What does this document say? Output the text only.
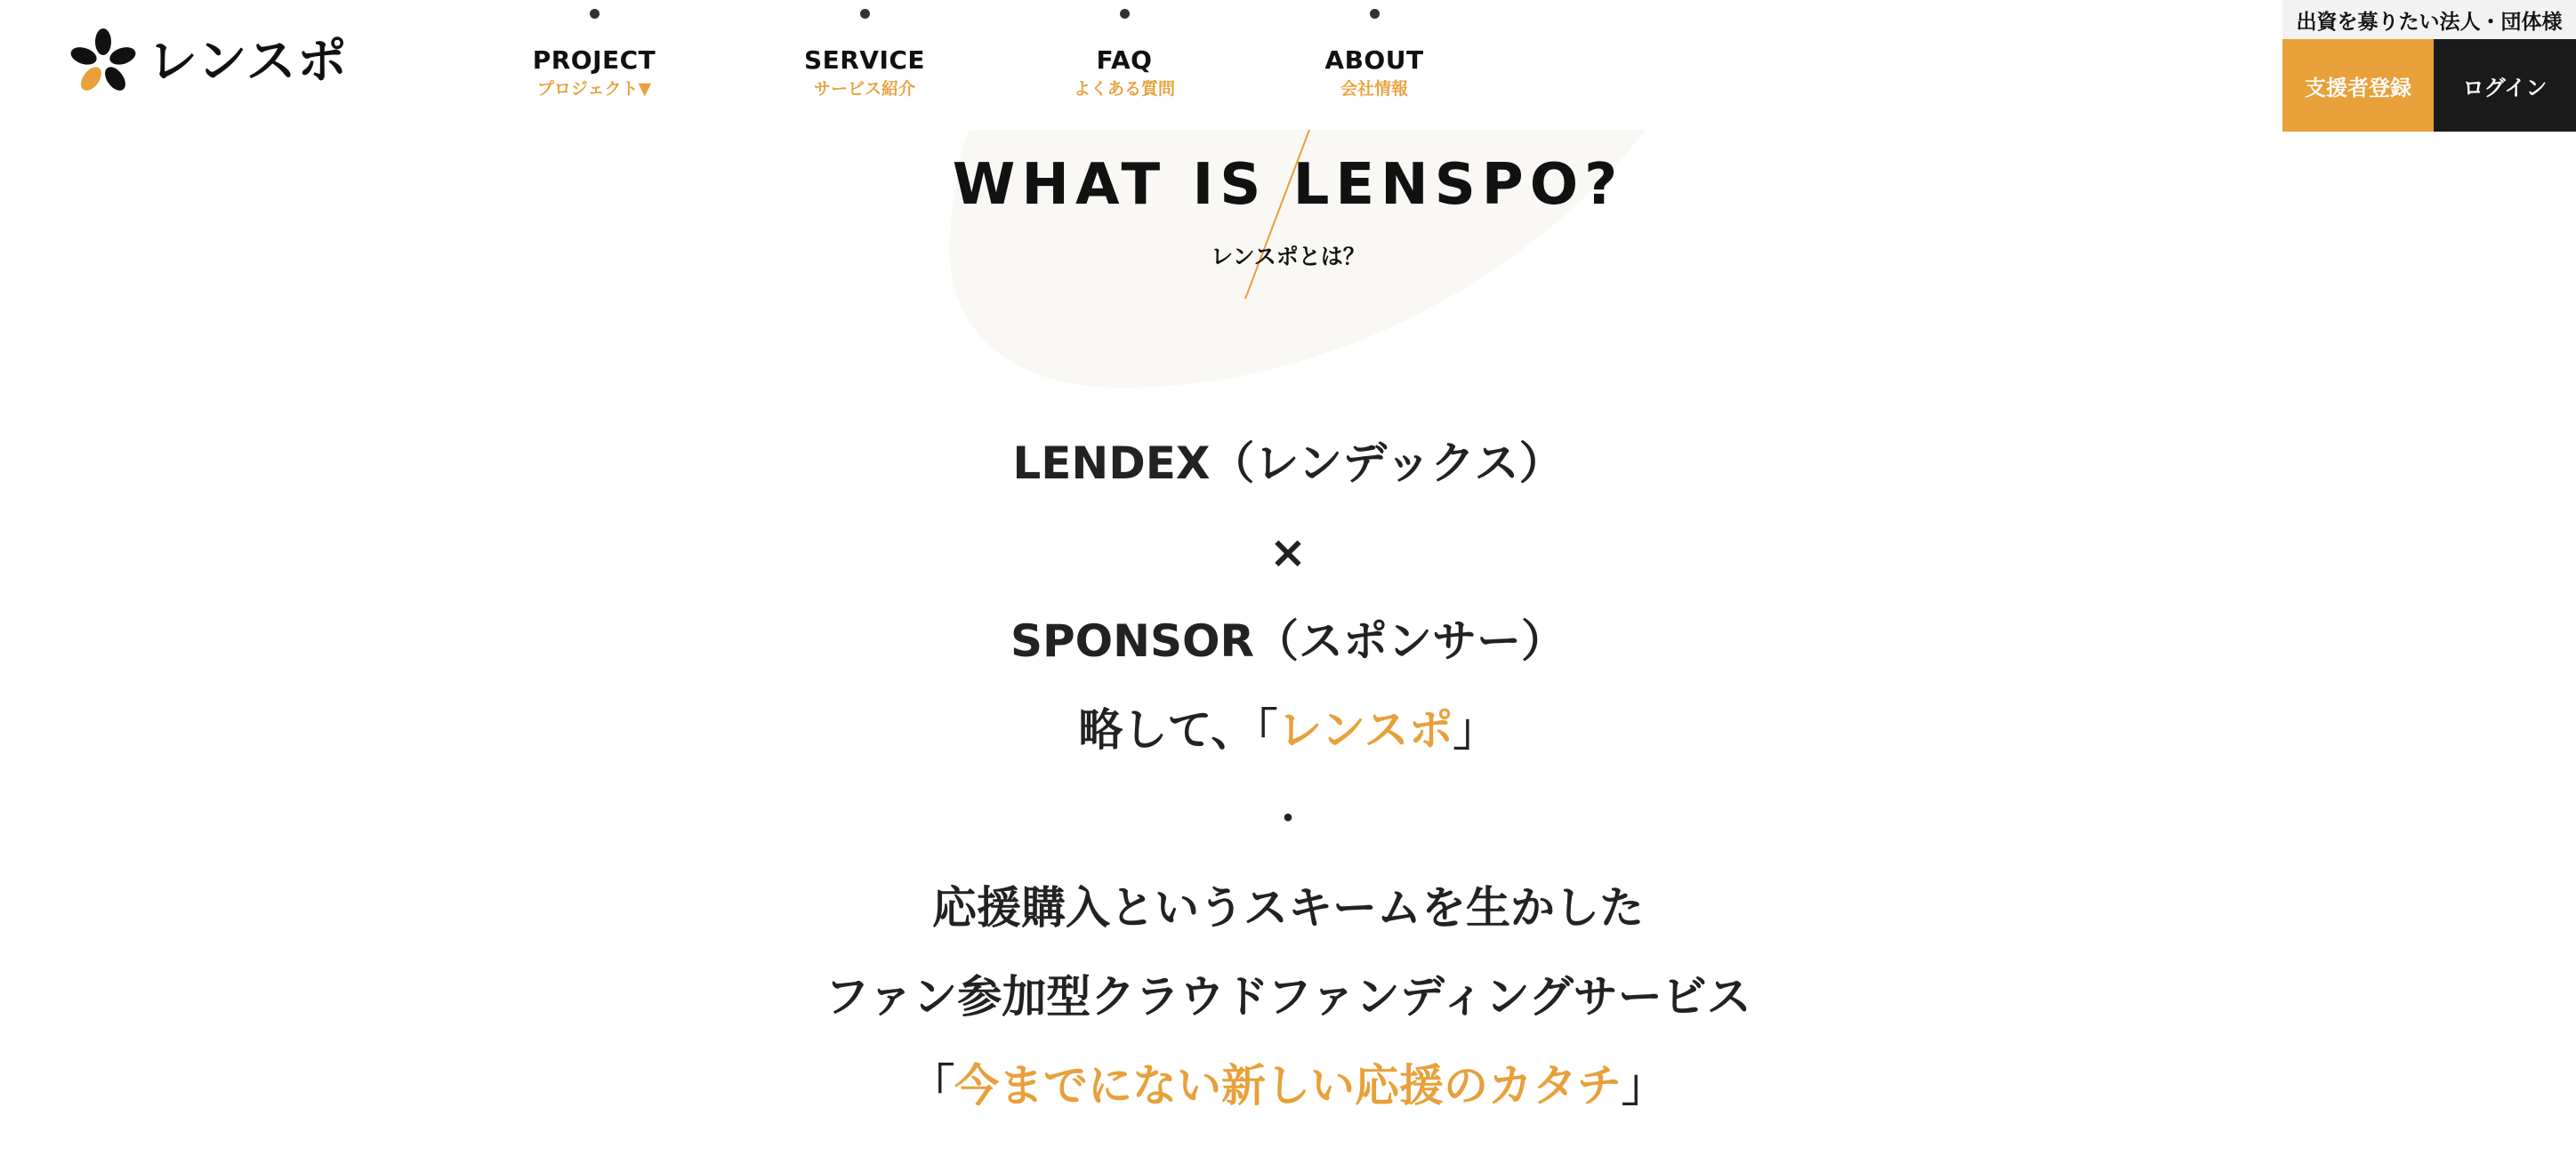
レンスポ	PROJECT
プロジェクト▼
SERVICE
サービス紹介
FAQ
よくある質問
ABOUT
会社情報
出資を募りたい法人・団体様
支援者登録	ログイン
WHAT IS LENSPO?
レンスポとは？
LENDEX（レンデックス）
×
SPONSOR（スポンサー）
略して、「レンスポ」
・
応援購入というスキームを生かした
ファン参加型クラウドファンディングサービス
「今までにない新しい応援のカタチ」
